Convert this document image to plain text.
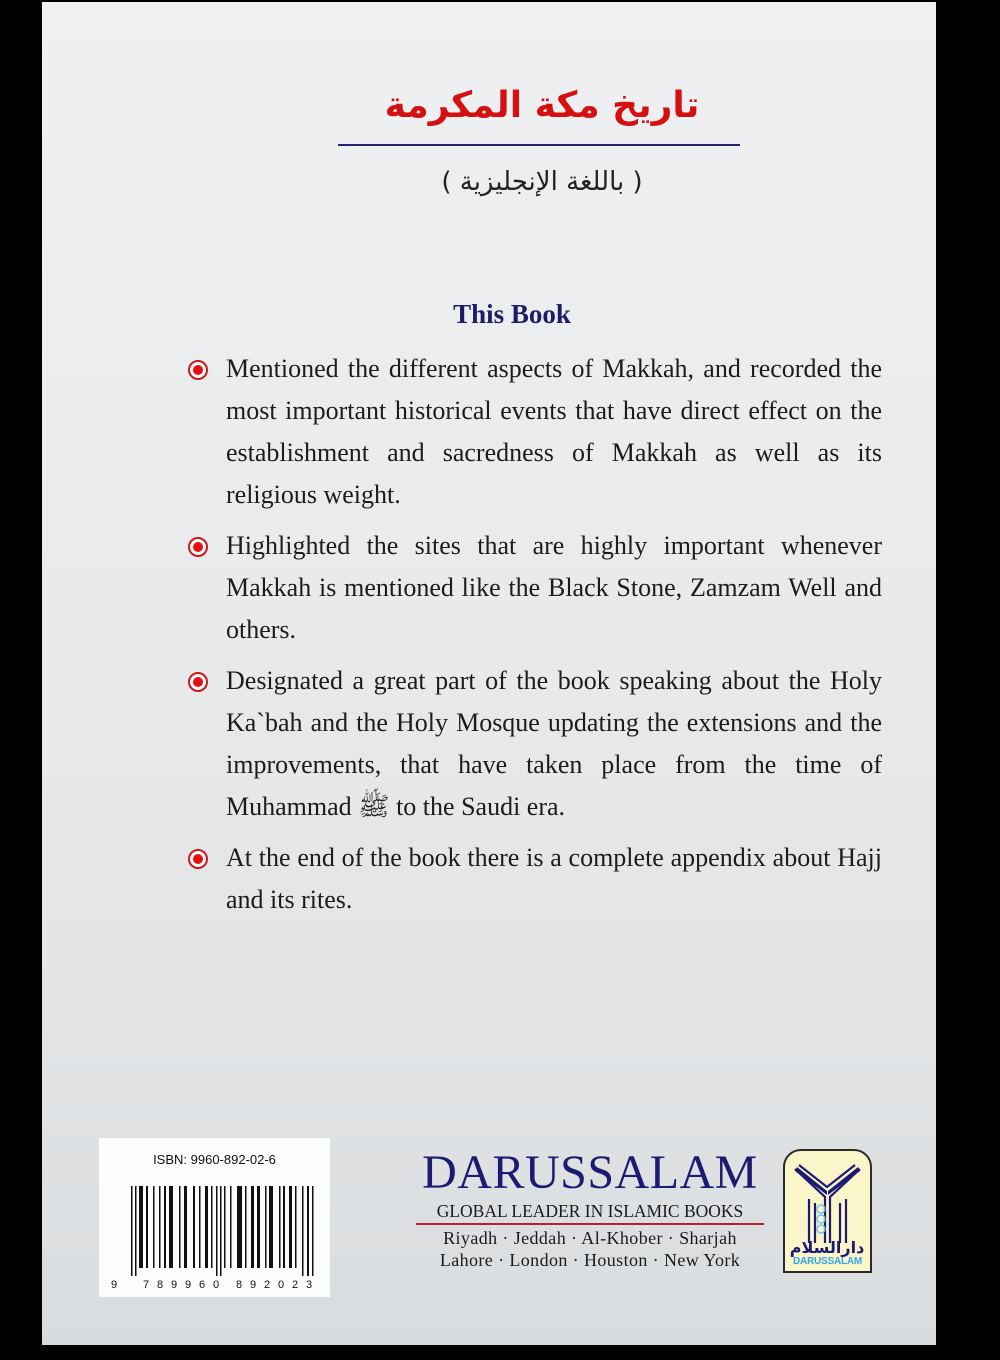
تاريخ مكة المكرمة
( باللغة الإنجليزية )
This Book
Mentioned the different aspects of Makkah, and recorded the most important historical events that have direct effect on the establishment and sacredness of Makkah as well as its religious weight.
Highlighted the sites that are highly important whenever Makkah is mentioned like the Black Stone, Zamzam Well and others.
Designated a great part of the book speaking about the Holy Ka`bah and the Holy Mosque updating the extensions and the improvements, that have taken place from the time of Muhammad ﷺ to the Saudi era.
At the end of the book there is a complete appendix about Hajj and its rites.
ISBN: 9960-892-02-6
9 7 8 9 9 6 0 8 9 2 0 2 3
DARUSSALAM
GLOBAL LEADER IN ISLAMIC BOOKS
Riyadh · Jeddah · Al-Khober · Sharjah
Lahore · London · Houston · New York
دارالسلام
DARUSSALAM
